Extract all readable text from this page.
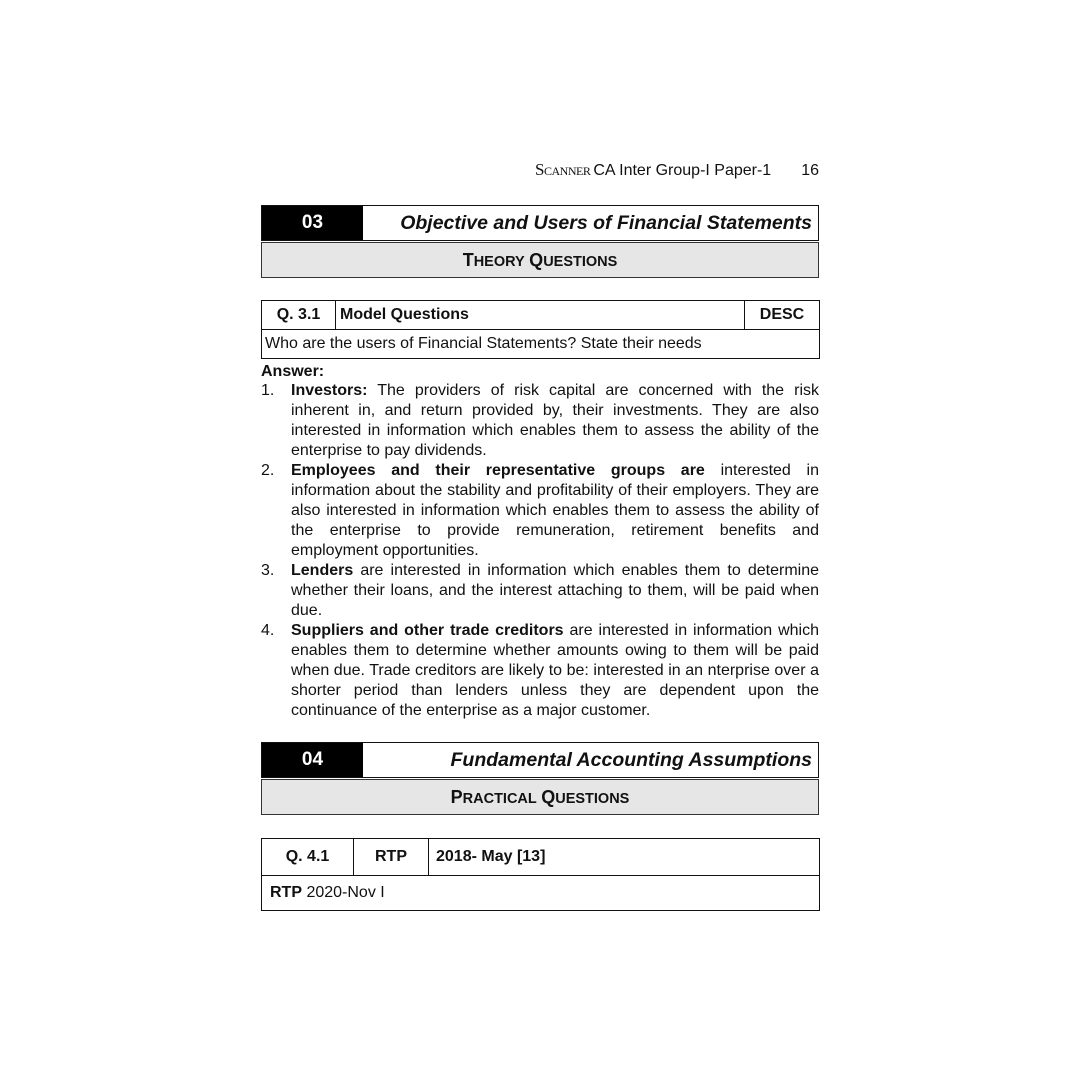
SCANNER CA Inter Group-I Paper-1 16
03	Objective and Users of Financial Statements
THEORY QUESTIONS
Q. 3.1	Model Questions	DESC
Who are the users of Financial Statements? State their needs
Answer:
1. Investors: The providers of risk capital are concerned with the risk inherent in, and return provided by, their investments. They are also interested in information which enables them to assess the ability of the enterprise to pay dividends.
2. Employees and their representative groups are interested in information about the stability and profitability of their employers. They are also interested in information which enables them to assess the ability of the enterprise to provide remuneration, retirement benefits and employment opportunities.
3. Lenders are interested in information which enables them to determine whether their loans, and the interest attaching to them, will be paid when due.
4. Suppliers and other trade creditors are interested in information which enables them to determine whether amounts owing to them will be paid when due. Trade creditors are likely to be: interested in an nterprise over a shorter period than lenders unless they are dependent upon the continuance of the enterprise as a major customer.
04	Fundamental Accounting Assumptions
PRACTICAL QUESTIONS
Q. 4.1	RTP	2018- May [13]
RTP 2020-Nov I
